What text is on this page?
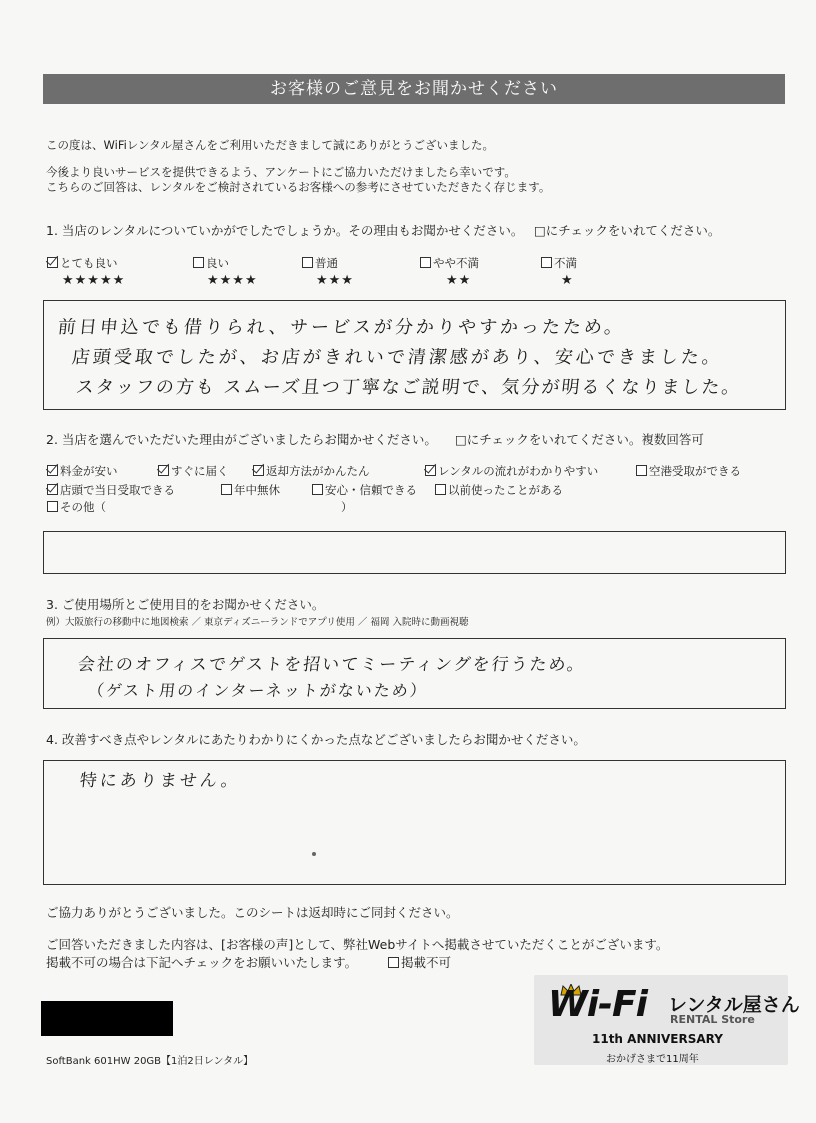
お客様のご意見をお聞かせください
この度は、WiFiレンタル屋さんをご利用いただきまして誠にありがとうございました。
今後より良いサービスを提供できるよう、アンケートにご協力いただけましたら幸いです。
こちらのご回答は、レンタルをご検討されているお客様への参考にさせていただきたく存じます。
1. 当店のレンタルについていかがでしたでしょうか。その理由もお聞かせください。 □にチェックをいれてください。
とても良い
★★★★★
良い
★★★★
普通
★★★
やや不満
★★
不満
★
前日申込でも借りられ、サービスが分かりやすかったため。
店頭受取でしたが、お店がきれいで清潔感があり、安心できました。
スタッフの方も スムーズ且つ丁寧なご説明で、気分が明るくなりました。
2. 当店を選んでいただいた理由がございましたらお聞かせください。 □にチェックをいれてください。複数回答可
料金が安い	すぐに届く	返却方法がかんたん	レンタルの流れがわかりやすい	空港受取ができる
店頭で当日受取できる	年中無休	安心・信頼できる	以前使ったことがある
その他（	）
3. ご使用場所とご使用目的をお聞かせください。
例）大阪旅行の移動中に地図検索 ／ 東京ディズニーランドでアプリ使用 ／ 福岡 入院時に動画視聴
会社のオフィスでゲストを招いてミーティングを行うため。
（ゲスト用のインターネットがないため）
4. 改善すべき点やレンタルにあたりわかりにくかった点などございましたらお聞かせください。
特にありません。
ご協力ありがとうございました。このシートは返却時にご同封ください。
ご回答いただきました内容は、[お客様の声]として、弊社Webサイトへ掲載させていただくことがございます。
掲載不可の場合は下記へチェックをお願いいたします。	掲載不可
SoftBank 601HW 20GB【1泊2日レンタル】
Wi-Fi レンタル屋さん
RENTAL Store
11th ANNIVERSARY
おかげさまで11周年
